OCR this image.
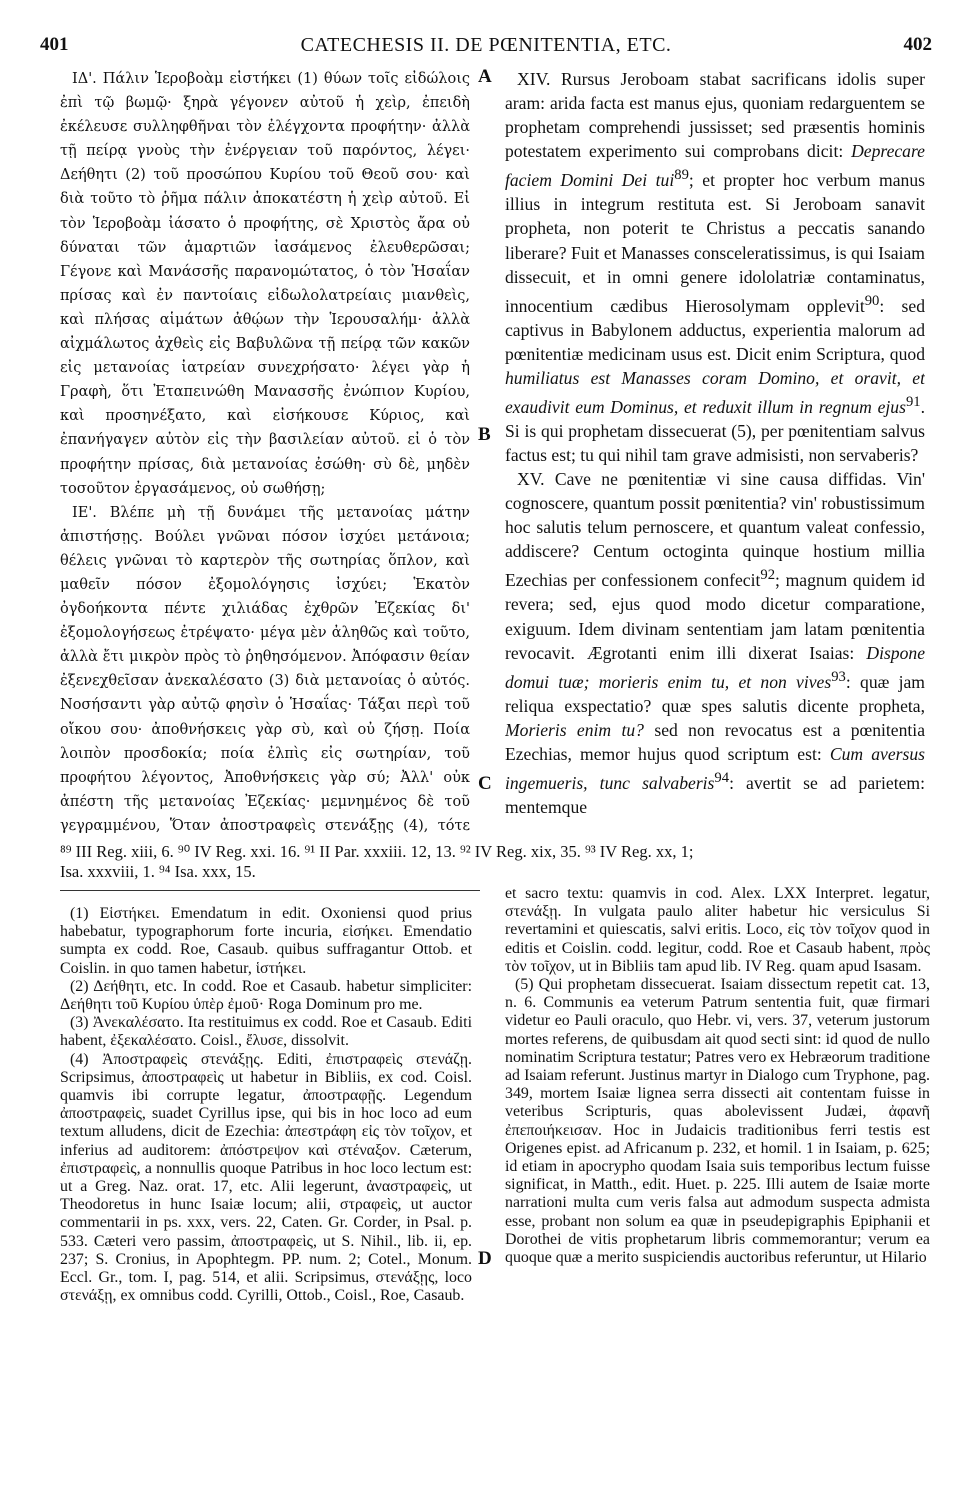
401	CATECHESIS II. DE PŒNITENTIA, ETC.	402

ΙΔ'. Πάλιν Ἱεροβοὰμ εἱστήκει (1) θύων τοῖς εἰδώλοις ἐπὶ τῷ βωμῷ· ξηρὰ γέγονεν αὐτοῦ ἡ χεὶρ, ἐπειδὴ ἐκέλευσε συλληφθῆναι τὸν ἐλέγχοντα προφήτην· ἀλλὰ τῇ πείρᾳ γνοὺς τὴν ἐνέργειαν τοῦ παρόντος, λέγει· Δεήθητι (2) τοῦ προσώπου Κυρίου τοῦ Θεοῦ σου· καὶ διὰ τοῦτο τὸ ῥῆμα πάλιν ἀποκατέστη ἡ χεὶρ αὐτοῦ. Εἰ τὸν Ἱεροβοὰμ ἰάσατο ὁ προφήτης, σὲ Χριστὸς ἄρα οὐ δύναται τῶν ἁμαρτιῶν ἰασάμενος ἐλευθερῶσαι; Γέγονε καὶ Μανάσσῆς παρανομώτατος, ὁ τὸν Ἡσαΐαν πρίσας καὶ ἐν παντοίαις εἰδωλολατρείαις μιανθεὶς, καὶ πλήσας αἱμάτων ἀθῴων τὴν Ἱερουσαλήμ· ἀλλὰ αἰχμάλωτος ἀχθεὶς εἰς Βαβυλῶνα τῇ πείρᾳ τῶν κακῶν εἰς μετανοίας ἰατρείαν συνεχρήσατο· λέγει γὰρ ἡ Γραφὴ, ὅτι Ἐταπεινώθη Μανασσῆς ἐνώπιον Κυρίου, καὶ προσηνέξατο, καὶ εἰσήκουσε Κύριος, καὶ ἐπανήγαγεν αὐτὸν εἰς τὴν βασιλείαν αὐτοῦ. εἰ ὁ τὸν προφήτην πρίσας, διὰ μετανοίας ἐσώθη· σὺ δὲ, μηδὲν τοσοῦτον ἐργασάμενος, οὐ σωθήσῃ;

ΙΕ'. Βλέπε μὴ τῇ δυνάμει τῆς μετανοίας μάτην ἀπιστήσῃς. Βούλει γνῶναι πόσον ἰσχύει μετάνοια; θέλεις γνῶναι τὸ καρτερὸν τῆς σωτηρίας ὅπλον, καὶ μαθεῖν πόσον ἐξομολόγησις ἰσχύει; Ἑκατὸν ὀγδοήκοντα πέντε χιλιάδας ἐχθρῶν Ἐζεκίας δι' ἐξομολογήσεως ἐτρέψατο· μέγα μὲν ἀληθῶς καὶ τοῦτο, ἀλλὰ ἔτι μικρὸν πρὸς τὸ ῥηθησόμενον. Ἀπόφασιν θείαν ἐξενεχθεῖσαν ἀνεκαλέσατο (3) διὰ μετανοίας ὁ αὐτός. Νοσήσαντι γὰρ αὐτῷ φησὶν ὁ Ἡσαΐας· Τάξαι περὶ τοῦ οἴκου σου· ἀποθνήσκεις γὰρ σὺ, καὶ οὐ ζήσῃ. Ποία λοιπὸν προσδοκία; ποία ἐλπὶς εἰς σωτηρίαν, τοῦ προφήτου λέγοντος, Ἀποθνήσκεις γὰρ σύ; Ἀλλ' οὐκ ἀπέστη τῆς μετανοίας Ἐζεκίας· μεμνημένος δὲ τοῦ γεγραμμένου, Ὅταν ἀποστραφεὶς στενάξῃς (4), τότε

A
B
C
D

XIV. Rursus Jeroboam stabat sacrificans idolis super aram: arida facta est manus ejus, quoniam redarguentem se prophetam comprehendi jussisset; sed præsentis hominis potestatem experimento sui comprobans dicit: Deprecare faciem Domini Dei tui$^{89}$; et propter hoc verbum manus illius in integrum restituta est. Si Jeroboam sanavit propheta, non poterit te Christus a peccatis sanando liberare? Fuit et Manasses consceleratissimus, is qui Isaiam dissecuit, et in omni genere idololatriæ contaminatus, innocentium cædibus Hierosolymam opplevit$^{90}$: sed captivus in Babylonem adductus, experientia malorum ad pœnitentiæ medicinam usus est. Dicit enim Scriptura, quod humiliatus est Manasses coram Domino, et oravit, et exaudivit eum Dominus, et reduxit illum in regnum ejus$^{91}$. Si is qui prophetam dissecuerat (5), per pœnitentiam salvus factus est; tu qui nihil tam grave admisisti, non servaberis?

XV. Cave ne pœnitentiæ vi sine causa diffidas. Vin' cognoscere, quantum possit pœnitentia? vin' robustissimum hoc salutis telum pernoscere, et quantum valeat confessio, addiscere? Centum octoginta quinque hostium millia Ezechias per confessionem confecit$^{92}$; magnum quidem id revera; sed, ejus quod modo dicetur comparatione, exiguum. Idem divinam sententiam jam latam pœnitentia revocavit. Ægrotanti enim illi dixerat Isaias: Dispone domui tuæ; morieris enim tu, et non vives$^{93}$: quæ jam reliqua exspectatio? quæ spes salutis dicente propheta, Morieris enim tu? sed non revocatus est a pœnitentia Ezechias, memor hujus quod scriptum est: Cum aversus ingemueris, tunc salvaberis$^{94}$: avertit se ad parietem: mentemque

⁸⁹ III Reg. xiii, 6. ⁹⁰ IV Reg. xxi. 16. ⁹¹ II Par. xxxiii. 12, 13. ⁹² IV Reg. xix, 35. ⁹³ IV Reg. xx, 1;
Isa. xxxviii, 1. ⁹⁴ Isa. xxx, 15.

(1) Εἱστήκει. Emendatum in edit. Oxoniensi quod prius habebatur, typographorum forte incuria, εἰσήκει. Emendatio sumpta ex codd. Roe, Casaub. quibus suffragantur Ottob. et Coislin. in quo tamen habetur, ἱστήκει.

(2) Δεήθητι, etc. In codd. Roe et Casaub. habetur simpliciter: Δεήθητι τοῦ Κυρίου ὑπὲρ ἐμοῦ· Roga Dominum pro me.

(3) Ἀνεκαλέσατο. Ita restituimus ex codd. Roe et Casaub. Editi habent, ἐξεκαλέσατο. Coisl., ἔλυσε, dissolvit.

(4) Ἀποστραφεὶς στενάξῃς. Editi, ἐπιστραφεὶς στενάζῃ. Scripsimus, ἀποστραφεὶς ut habetur in Bibliis, ex cod. Coisl. quamvis ibi corrupte legatur, ἀποστραφῇς. Legendum ἀποστραφεὶς, suadet Cyrillus ipse, qui bis in hoc loco ad eum textum alludens, dicit de Ezechia: ἀπεστράφη εἰς τὸν τοῖχον, et inferius ad auditorem: ἀπόστρεψον καὶ στέναξον. Cæterum, ἐπιστραφεὶς, a nonnullis quoque Patribus in hoc loco lectum est: ut a Greg. Naz. orat. 17, etc. Alii legerunt, ἀναστραφεὶς, ut Theodoretus in hunc Isaiæ locum; alii, στραφεὶς, ut auctor commentarii in ps. xxx, vers. 22, Caten. Gr. Corder, in Psal. p. 533. Cæteri vero passim, ἀποστραφεὶς, ut S. Nihil., lib. ii, ep. 237; S. Cronius, in Apophtegm. PP. num. 2; Cotel., Monum. Eccl. Gr., tom. I, pag. 514, et alii. Scripsimus, στενάξῃς, loco στενάξῃ, ex omnibus codd. Cyrilli, Ottob., Coisl., Roe, Casaub.

et sacro textu: quamvis in cod. Alex. LXX Interpret. legatur, στενάξῃ. In vulgata paulo aliter habetur hic versiculus Si revertamini et quiescatis, salvi eritis. Loco, εἰς τὸν τοῖχον quod in editis et Coislin. codd. legitur, codd. Roe et Casaub habent, πρὸς τὸν τοῖχον, ut in Bibliis tam apud lib. IV Reg. quam apud Isasam.

(5) Qui prophetam dissecuerat. Isaiam dissectum repetit cat. 13, n. 6. Communis ea veterum Patrum sententia fuit, quæ firmari videtur eo Pauli oraculo, quo Hebr. vi, vers. 37, veterum justorum mortes referens, de quibusdam ait quod secti sint: id quod de nullo nominatim Scriptura testatur; Patres vero ex Hebræorum traditione ad Isaiam referunt. Justinus martyr in Dialogo cum Tryphone, pag. 349, mortem Isaiæ lignea serra dissecti ait contentam fuisse in veteribus Scripturis, quas abolevissent Judæi, ἀφανῆ ἐπεποιήκεισαν. Hoc in Judaicis traditionibus ferri testis est Origenes epist. ad Africanum p. 232, et homil. 1 in Isaiam, p. 625; id etiam in apocrypho quodam Isaia suis temporibus lectum fuisse significat, in Matth., edit. Huet. p. 225. Illi autem de Isaiæ morte narrationi multa cum veris falsa aut admodum suspecta admista esse, probant non solum ea quæ in pseudepigraphis Epiphanii et Dorothei de vitis prophetarum libris commemorantur; verum ea quoque quæ a merito suspiciendis auctoribus referuntur, ut Hilario
